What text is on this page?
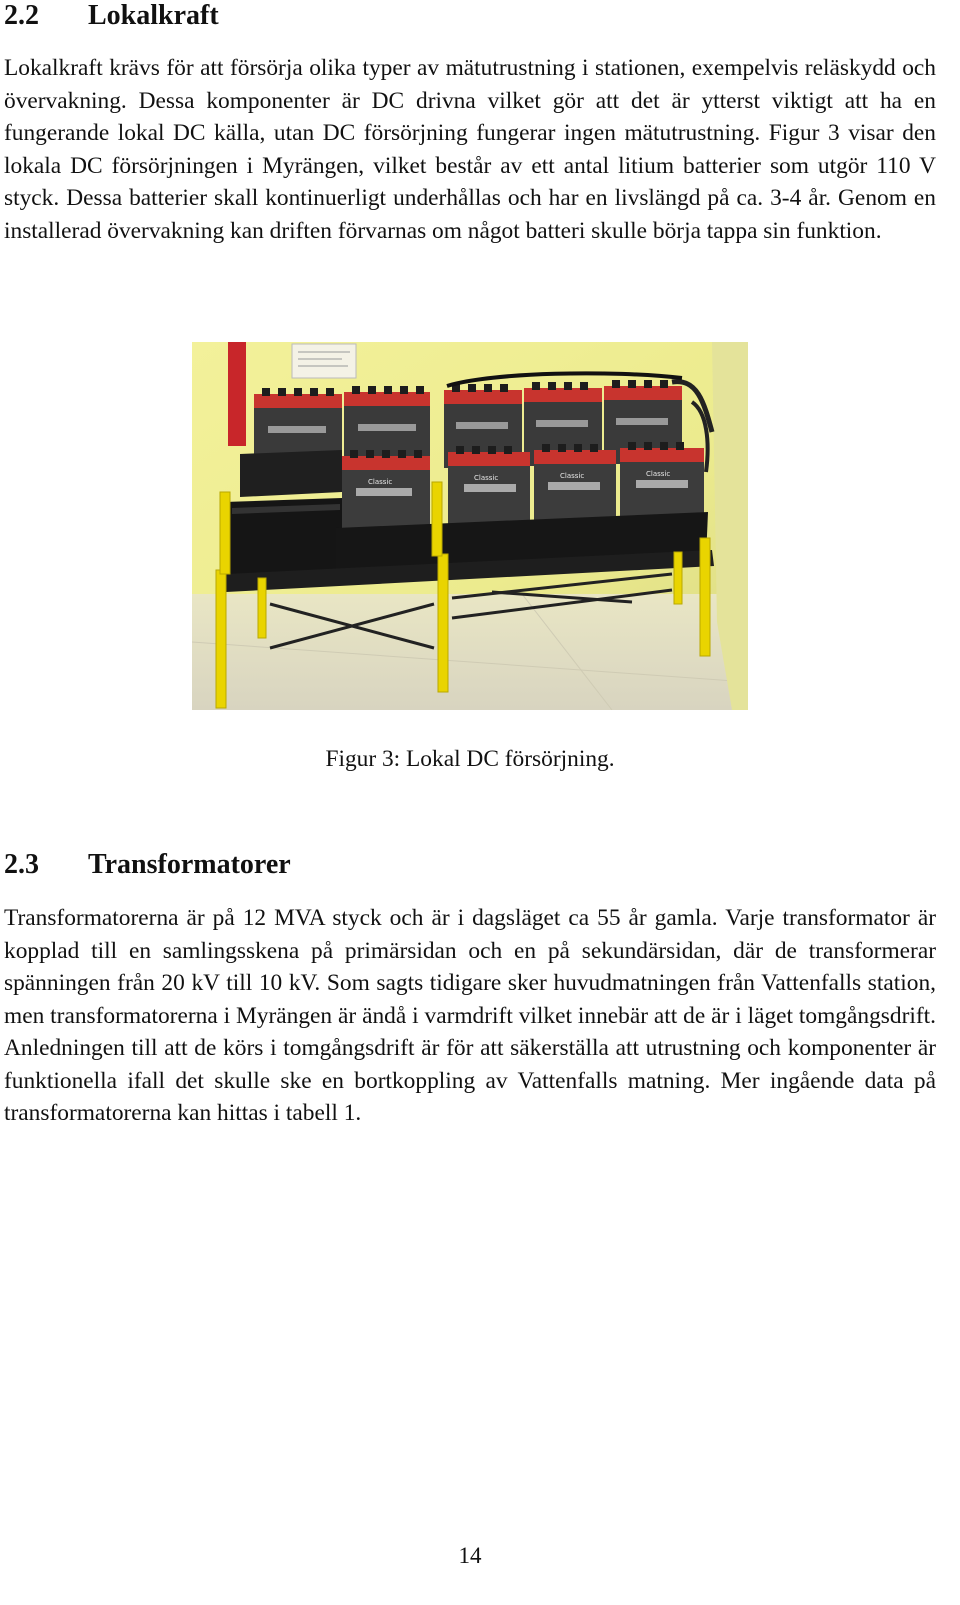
2.2 Lokalkraft

Lokalkraft krävs för att försörja olika typer av mätutrustning i stationen, exempelvis reläskydd och övervakning. Dessa komponenter är DC drivna vilket gör att det är ytterst viktigt att ha en fungerande lokal DC källa, utan DC försörjning fungerar ingen mätutrustning. Figur 3 visar den lokala DC försörjningen i Myrängen, vilket består av ett antal litium batterier som utgör 110 V styck. Dessa batterier skall kontinuerligt underhållas och har en livslängd på ca. 3-4 år. Genom en installerad övervakning kan driften förvarnas om något batteri skulle börja tappa sin funktion.

Classic	Classic	Classic	Classic
Figur 3: Lokal DC försörjning.
2.3 Transformatorer

Transformatorerna är på 12 MVA styck och är i dagsläget ca 55 år gamla. Varje transformator är kopplad till en samlingsskena på primärsidan och en på sekundärsidan, där de transformerar spänningen från 20 kV till 10 kV. Som sagts tidigare sker huvudmatningen från Vattenfalls station, men transformatorerna i Myrängen är ändå i varmdrift vilket innebär att de är i läget tomgångsdrift. Anledningen till att de körs i tomgångsdrift är för att säkerställa att utrustning och komponenter är funktionella ifall det skulle ske en bortkoppling av Vattenfalls matning. Mer ingående data på transformatorerna kan hittas i tabell 1.

14
